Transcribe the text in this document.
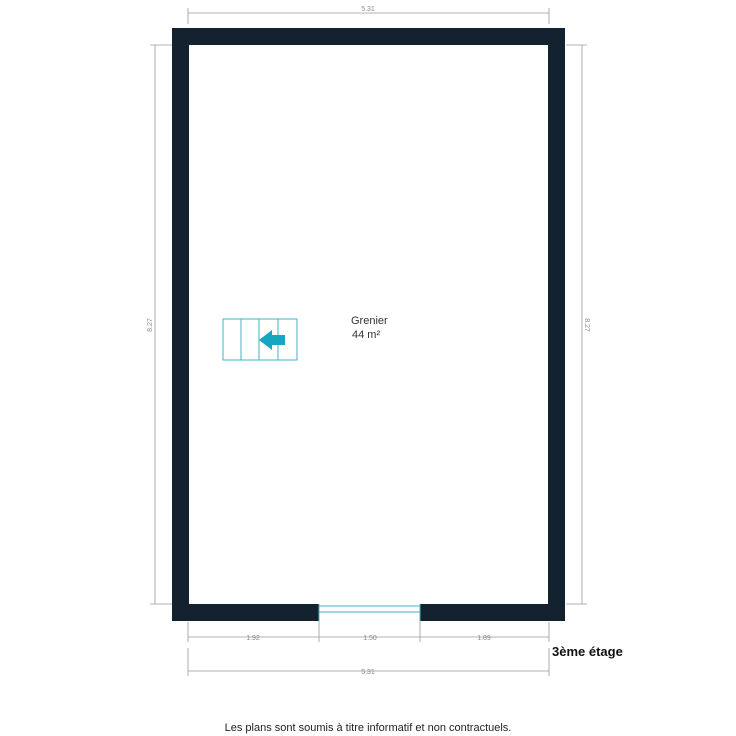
5.31
8.27	8.27
1.92	1.50	1.89
5.31
Grenier
44 m²
3ème étage
Les plans sont soumis à titre informatif et non contractuels.
